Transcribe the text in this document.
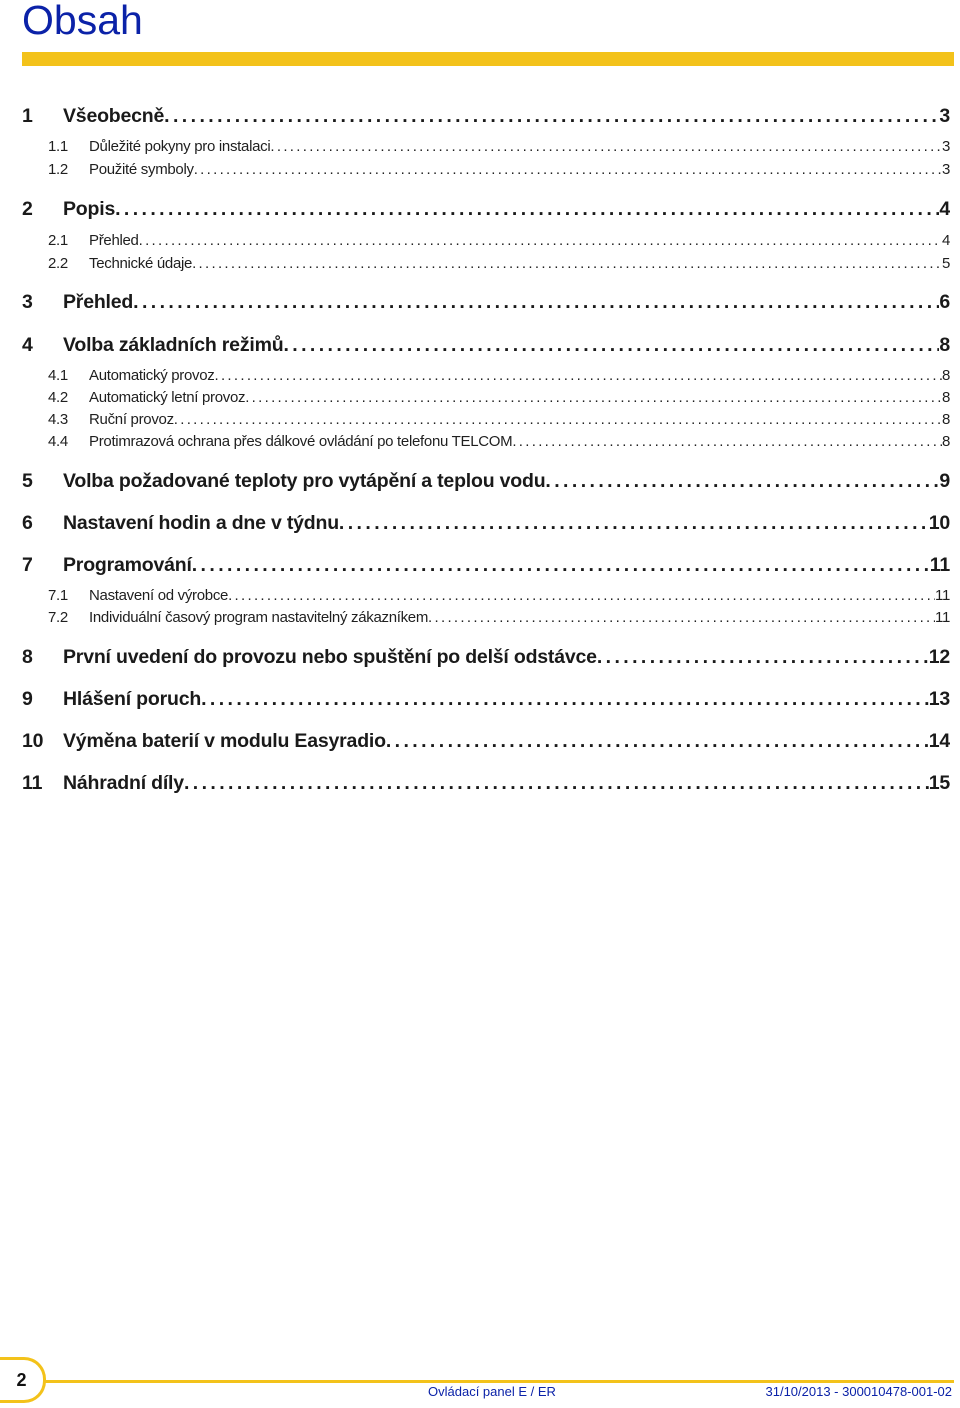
Obsah
1	Všeobecně .....	3
1.1	Důležité pokyny pro instalaci .....	3
1.2	Použité symboly .....	3
2	Popis .....	4
2.1	Přehled .....	4
2.2	Technické údaje .....	5
3	Přehled .....	6
4	Volba základních režimů .....	8
4.1	Automatický provoz .....	8
4.2	Automatický letní provoz .....	8
4.3	Ruční provoz .....	8
4.4	Protimrazová ochrana přes dálkové ovládání po telefonu TELCOM .....	8
5	Volba požadované teploty pro vytápění a teplou vodu .....	9
6	Nastavení hodin a dne v týdnu .....	10
7	Programování .....	11
7.1	Nastavení od výrobce .....	11
7.2	Individuální časový program nastavitelný zákazníkem .....	11
8	První uvedení do provozu nebo spuštění po delší odstávce .....	12
9	Hlášení poruch .....	13
10	Výměna baterií v modulu Easyradio .....	14
11	Náhradní díly .....	15
2
Ovládací panel E / ER	31/10/2013 - 300010478-001-02
